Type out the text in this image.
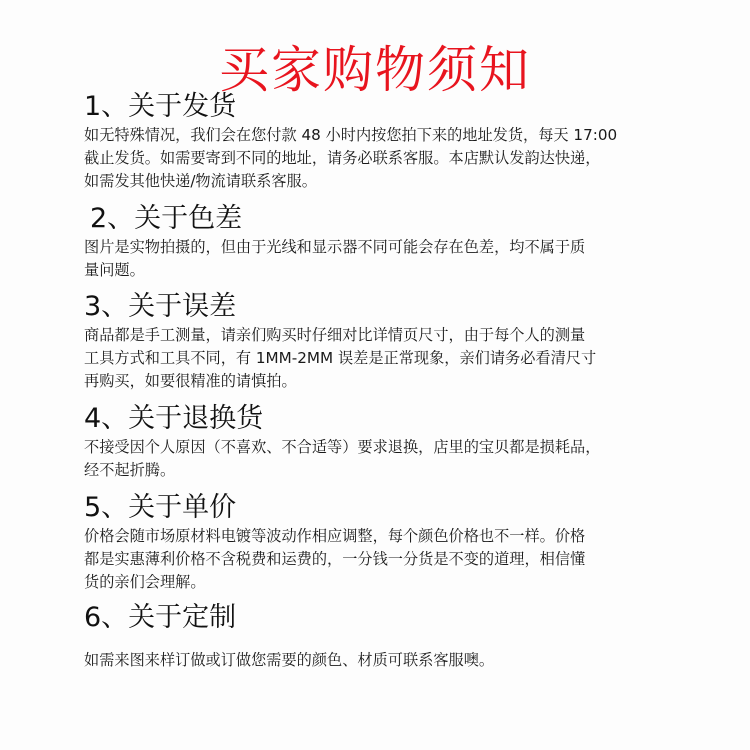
买家购物须知
1、关于发货

如无特殊情况，我们会在您付款 48 小时内按您拍下来的地址发货，每天 17:00
截止发货。如需要寄到不同的地址，请务必联系客服。本店默认发韵达快递，
如需发其他快递/物流请联系客服。

2、关于色差

图片是实物拍摄的，但由于光线和显示器不同可能会存在色差，均不属于质
量问题。

3、关于误差

商品都是手工测量，请亲们购买时仔细对比详情页尺寸，由于每个人的测量
工具方式和工具不同，有 1MM-2MM 误差是正常现象，亲们请务必看清尺寸
再购买，如要很精准的请慎拍。

4、关于退换货

不接受因个人原因（不喜欢、不合适等）要求退换，店里的宝贝都是损耗品，
经不起折腾。

5、关于单价

价格会随市场原材料电镀等波动作相应调整，每个颜色价格也不一样。价格
都是实惠薄利价格不含税费和运费的，一分钱一分货是不变的道理，相信懂
货的亲们会理解。

6、关于定制

如需来图来样订做或订做您需要的颜色、材质可联系客服噢。
